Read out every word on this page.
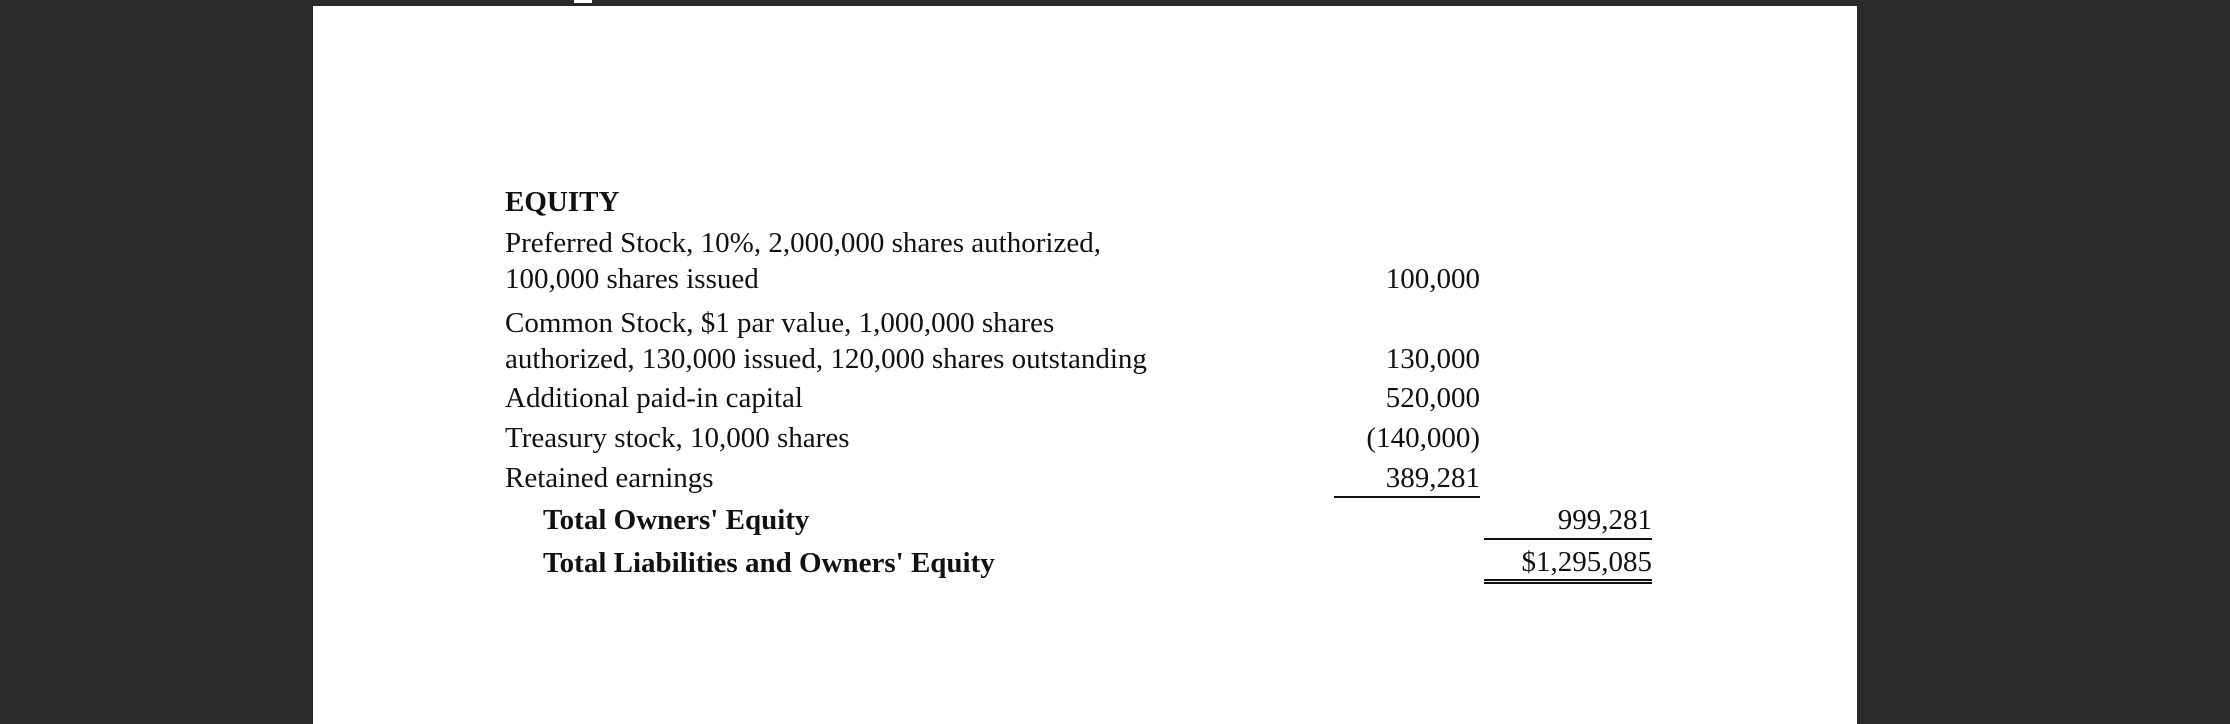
EQUITY
Preferred Stock, 10%, 2,000,000 shares authorized,
100,000 shares issued	100,000
Common Stock, $1 par value, 1,000,000 shares
authorized, 130,000 issued, 120,000 shares outstanding	130,000
Additional paid-in capital	520,000
Treasury stock, 10,000 shares	(140,000)
Retained earnings	389,281
Total Owners' Equity	999,281
Total Liabilities and Owners' Equity	$1,295,085
